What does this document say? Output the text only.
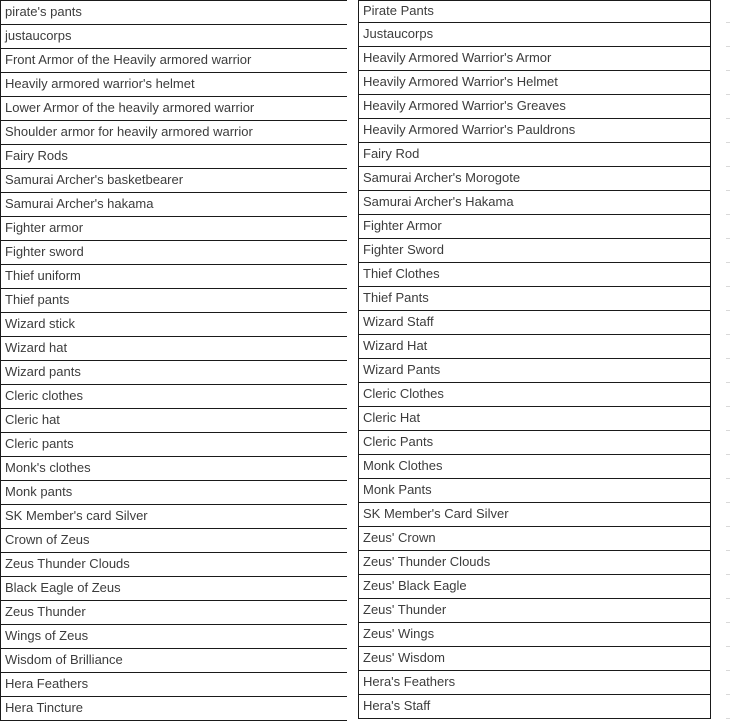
pirate's pants
justaucorps
Front Armor of the Heavily armored warrior
Heavily armored warrior's helmet
Lower Armor of the heavily armored warrior
Shoulder armor for heavily armored warrior
Fairy Rods
Samurai Archer's basketbearer
Samurai Archer's hakama
Fighter armor
Fighter sword
Thief uniform
Thief pants
Wizard stick
Wizard hat
Wizard pants
Cleric clothes
Cleric hat
Cleric pants
Monk's clothes
Monk pants
SK Member's card Silver
Crown of Zeus
Zeus Thunder Clouds
Black Eagle of Zeus
Zeus Thunder
Wings of Zeus
Wisdom of Brilliance
Hera Feathers
Hera Tincture
Pirate Pants
Justaucorps
Heavily Armored Warrior's Armor
Heavily Armored Warrior's Helmet
Heavily Armored Warrior's Greaves
Heavily Armored Warrior's Pauldrons
Fairy Rod
Samurai Archer's Morogote
Samurai Archer's Hakama
Fighter Armor
Fighter Sword
Thief Clothes
Thief Pants
Wizard Staff
Wizard Hat
Wizard Pants
Cleric Clothes
Cleric Hat
Cleric Pants
Monk Clothes
Monk Pants
SK Member's Card Silver
Zeus' Crown
Zeus' Thunder Clouds
Zeus' Black Eagle
Zeus' Thunder
Zeus' Wings
Zeus' Wisdom
Hera's Feathers
Hera's Staff
